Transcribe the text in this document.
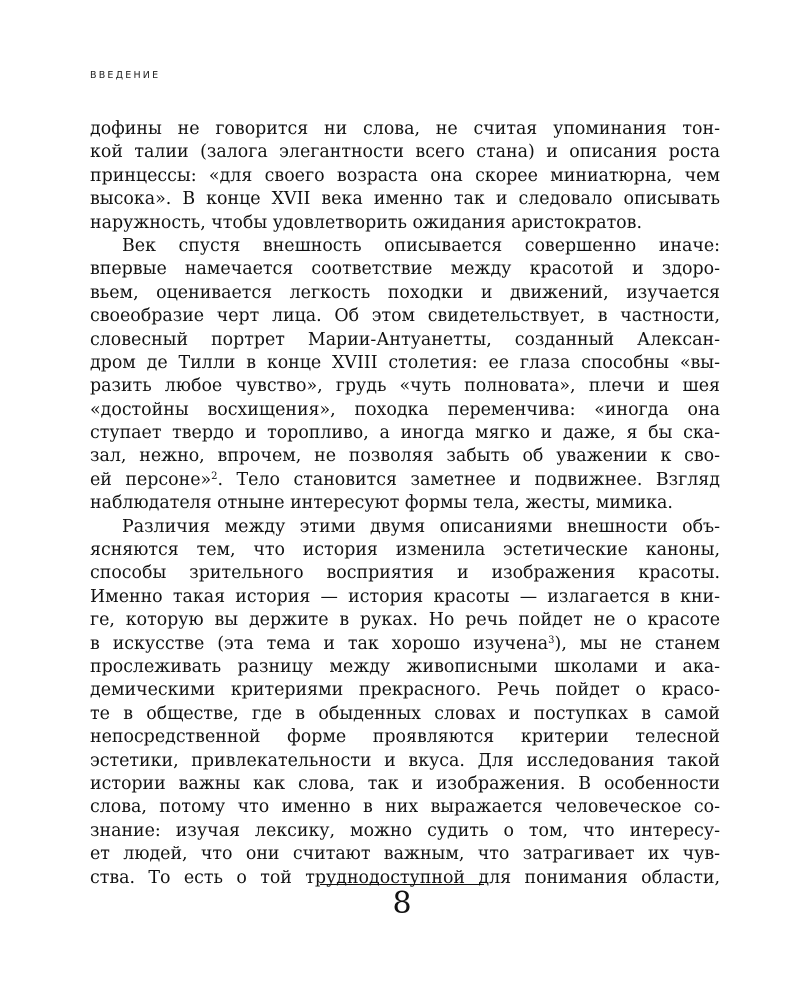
ВВЕДЕНИЕ
дофины не говорится ни слова, не считая упоминания тон-
кой талии (залога элегантности всего стана) и описания роста
принцессы: «для своего возраста она скорее миниатюрна, чем
высока». В конце XVII века именно так и следовало описывать
наружность, чтобы удовлетворить ожидания аристократов.
Век спустя внешность описывается совершенно иначе:
впервые намечается соответствие между красотой и здоро-
вьем, оценивается легкость походки и движений, изучается
своеобразие черт лица. Об этом свидетельствует, в частности,
словесный портрет Марии-Антуанетты, созданный Алексан-
дром де Тилли в конце XVIII столетия: ее глаза способны «вы-
разить любое чувство», грудь «чуть полновата», плечи и шея
«достойны восхищения», походка переменчива: «иногда она
ступает твердо и торопливо, а иногда мягко и даже, я бы ска-
зал, нежно, впрочем, не позволяя забыть об уважении к сво-
ей персоне»$^2$. Тело становится заметнее и подвижнее. Взгляд
наблюдателя отныне интересуют формы тела, жесты, мимика.
Различия между этими двумя описаниями внешности объ-
ясняются тем, что история изменила эстетические каноны,
способы зрительного восприятия и изображения красоты.
Именно такая история — история красоты — излагается в кни-
ге, которую вы держите в руках. Но речь пойдет не о красоте
в искусстве (эта тема и так хорошо изучена$^3$), мы не станем
прослеживать разницу между живописными школами и ака-
демическими критериями прекрасного. Речь пойдет о красо-
те в обществе, где в обыденных словах и поступках в самой
непосредственной форме проявляются критерии телесной
эстетики, привлекательности и вкуса. Для исследования такой
истории важны как слова, так и изображения. В особенности
слова, потому что именно в них выражается человеческое со-
знание: изучая лексику, можно судить о том, что интересу-
ет людей, что они считают важным, что затрагивает их чув-
ства. То есть о той труднодоступной для понимания области,
8
